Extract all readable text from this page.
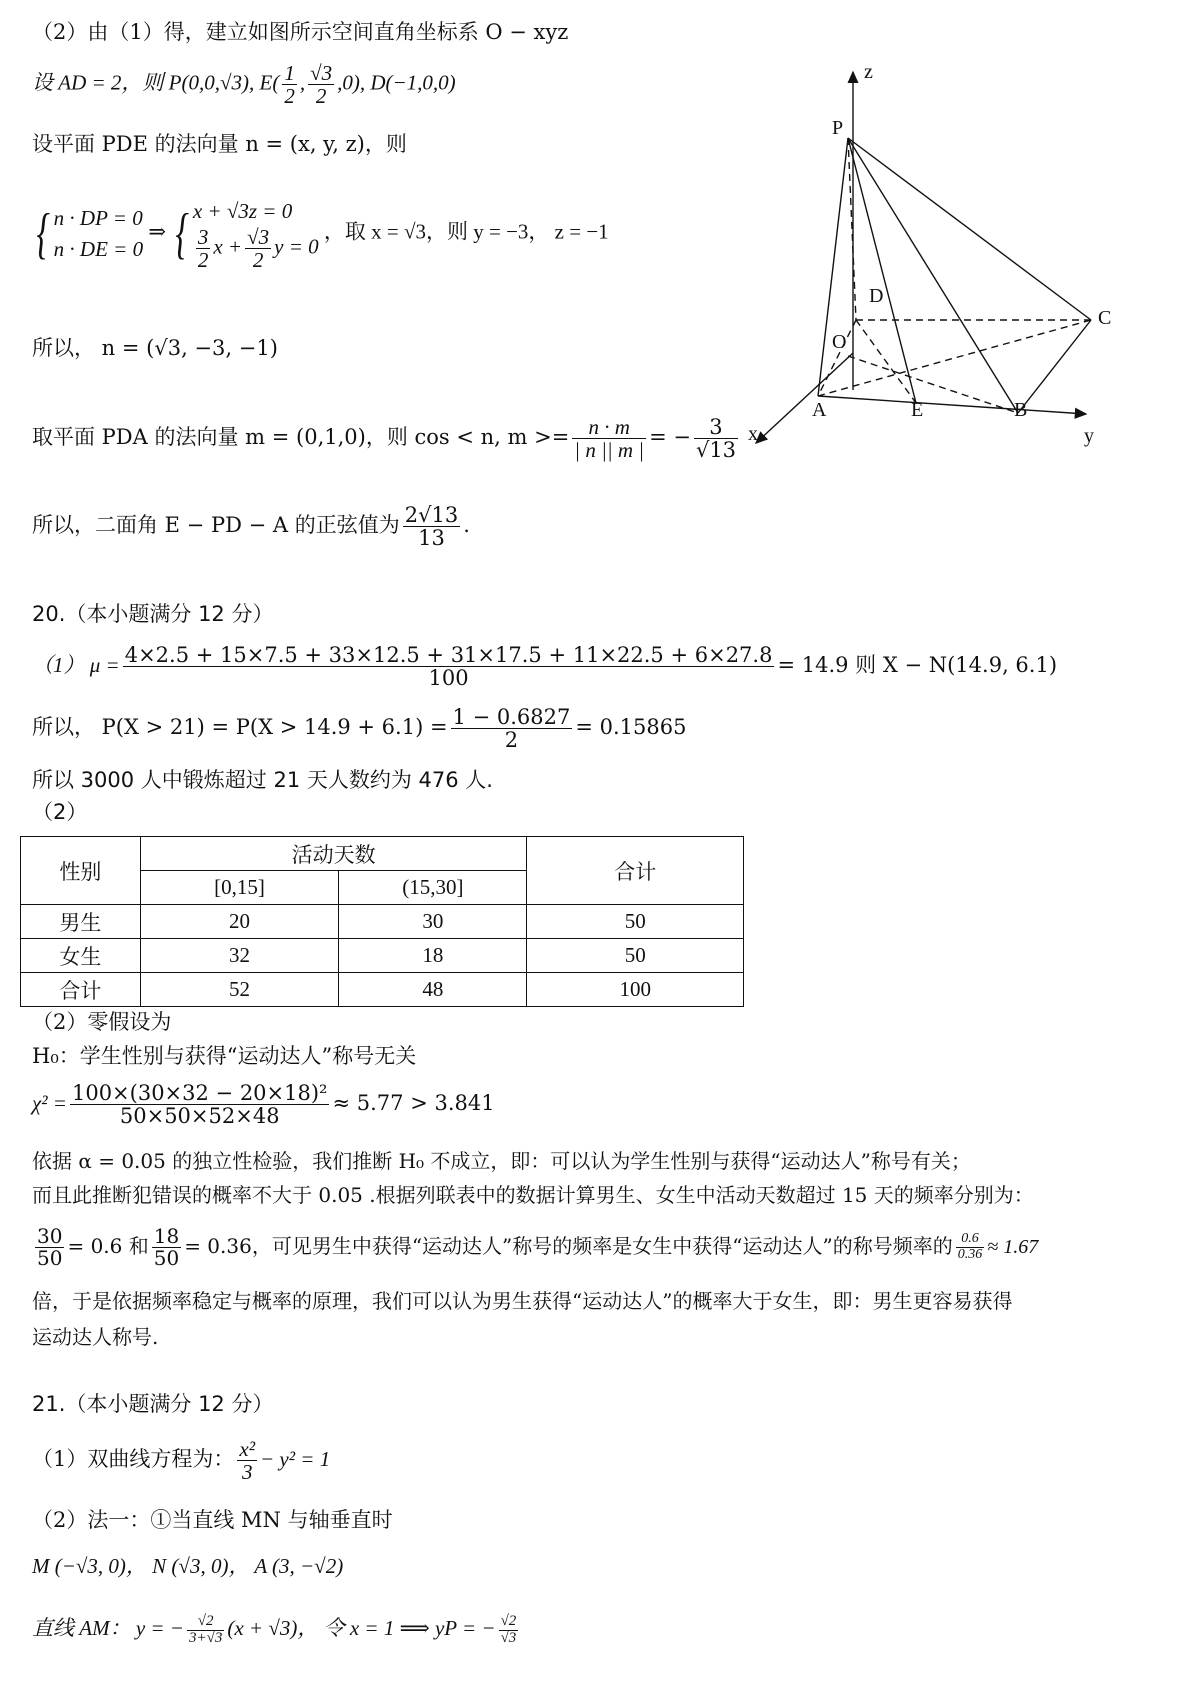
（2）由（1）得，建立如图所示空间直角坐标系 O − xyz
设 AD = 2，则 P(0,0,√3), $E( \frac{1}{2}$ , $\frac{√3}{2} ,0$), D(−1,0,0)
设平面 PDE 的法向量 n = (x, y, z)，则
{ n · DP = 0
n · DE = 0
⇒ { x + √3z = 0
$\frac{3}{2}$ $x + \frac{√3}{2}$ y = 0
，取 x = √3，则 y = −3， z = −1
所以， n = (√3, −3, −1)
取平面 PDA 的法向量 m = (0,1,0)，则 cos < n, $m >= \frac{n \cdot m}{| n || m |}$ = − $\frac{3}{√13}$
所以，二面角 E − PD − A 的正弦值为 $\frac{2√13}{13}$ .
z
P
D
C
O
A	E	B
x	y
20.（本小题满分 12 分）
（1） $\mu = \frac{4\times 2.5 + 15\times 7.5 + 33\times 12.5 + 31\times 17.5 + 11\times 22.5 + 6\times 27.8}{100} = 14.9$ 则 X − N(14.9, 6.1)
所以， $P(X > 21) = P(X > 14.9 + 6.1) = \frac{1 - 0.6827}{2} = 0.15865$
所以 3000 人中锻炼超过 21 天人数约为 476 人.
（2）
性别	活动天数		合计
	[0,15]	(15,30]	
男生	20	30	50
女生	32	18	50
合计	52	48	100
（2）零假设为
H₀：学生性别与获得“运动达人”称号无关
$\chi^2 = \frac{\text{100×(30×32 − 20×18)²}}{50\times 50\times 52\times 48} \approx 5.77 > 3.841$
依据 α = 0.05 的独立性检验，我们推断 H₀ 不成立，即：可以认为学生性别与获得“运动达人”称号有关；
而且此推断犯错误的概率不大于 0.05 .根据列联表中的数据计算男生、女生中活动天数超过 15 天的频率分别为：
$\frac{30}{50} = 0.6$ 和 $\frac{18}{50} = 0.36$，可见男生中获得“运动达人”称号的频率是女生中获得“运动达人”的称号频率的 $\frac{0.6}{0.36} \approx 1.67$
倍，于是依据频率稳定与概率的原理，我们可以认为男生获得“运动达人”的概率大于女生，即：男生更容易获得
运动达人称号.
21.（本小题满分 12 分）
（1）双曲线方程为： $\frac{\text{x²}}{3} - y^2 = 1$
（2）法一：①当直线 MN 与轴垂直时
M (−√3, 0)， N (√3, 0)， A (3, −√2)
直线 AM： y = − $\frac{√2}{3+√3} (x + √3)$， 令 x = 1 ⟹ yP = − $\frac{√2}{√3}$
